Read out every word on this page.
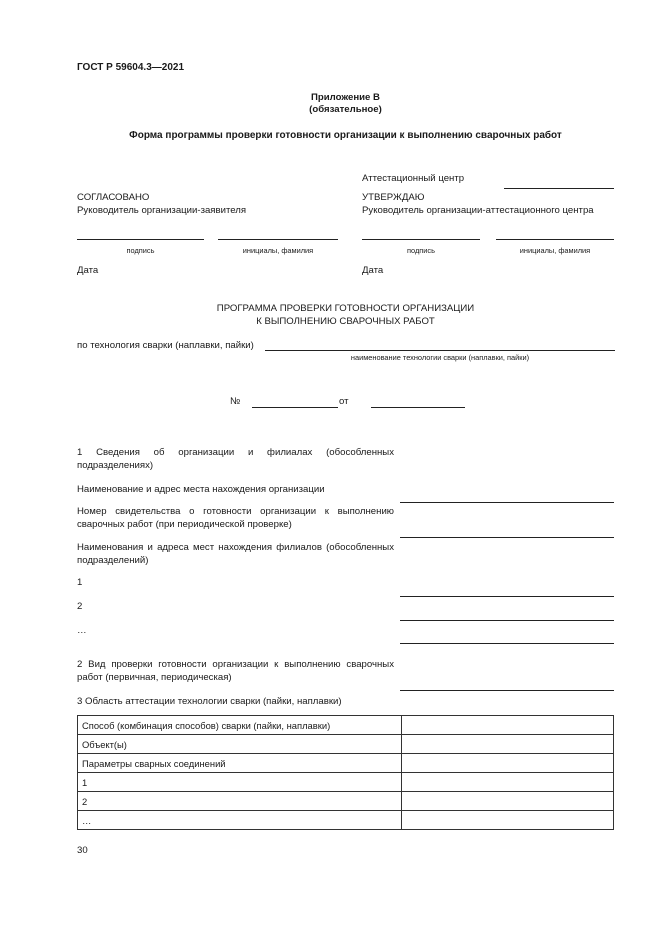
ГОСТ Р 59604.3—2021
Приложение В
(обязательное)
Форма программы проверки готовности организации к выполнению сварочных работ
Аттестационный центр
СОГЛАСОВАНО
Руководитель организации-заявителя
подпись	инициалы, фамилия
Дата
УТВЕРЖДАЮ
Руководитель организации-аттестационного центра
подпись	инициалы, фамилия
Дата
ПРОГРАММА ПРОВЕРКИ ГОТОВНОСТИ ОРГАНИЗАЦИИ
К ВЫПОЛНЕНИЮ СВАРОЧНЫХ РАБОТ
по технология сварки (наплавки, пайки)
наименование технологии сварки (наплавки, пайки)
№	от
1 Сведения об организации и филиалах (обособленных подразделениях)
Наименование и адрес места нахождения организации
Номер свидетельства о готовности организации к выполнению сварочных работ (при периодической проверке)
Наименования и адреса мест нахождения филиалов (обособленных подразделений)
1
2
…
2 Вид проверки готовности организации к выполнению сварочных работ (первичная, периодическая)
3 Область аттестации технологии сварки (пайки, наплавки)
Способ (комбинация способов) сварки (пайки, наплавки)	
Объект(ы)	
Параметры сварных соединений	
1	
2	
…	
30
